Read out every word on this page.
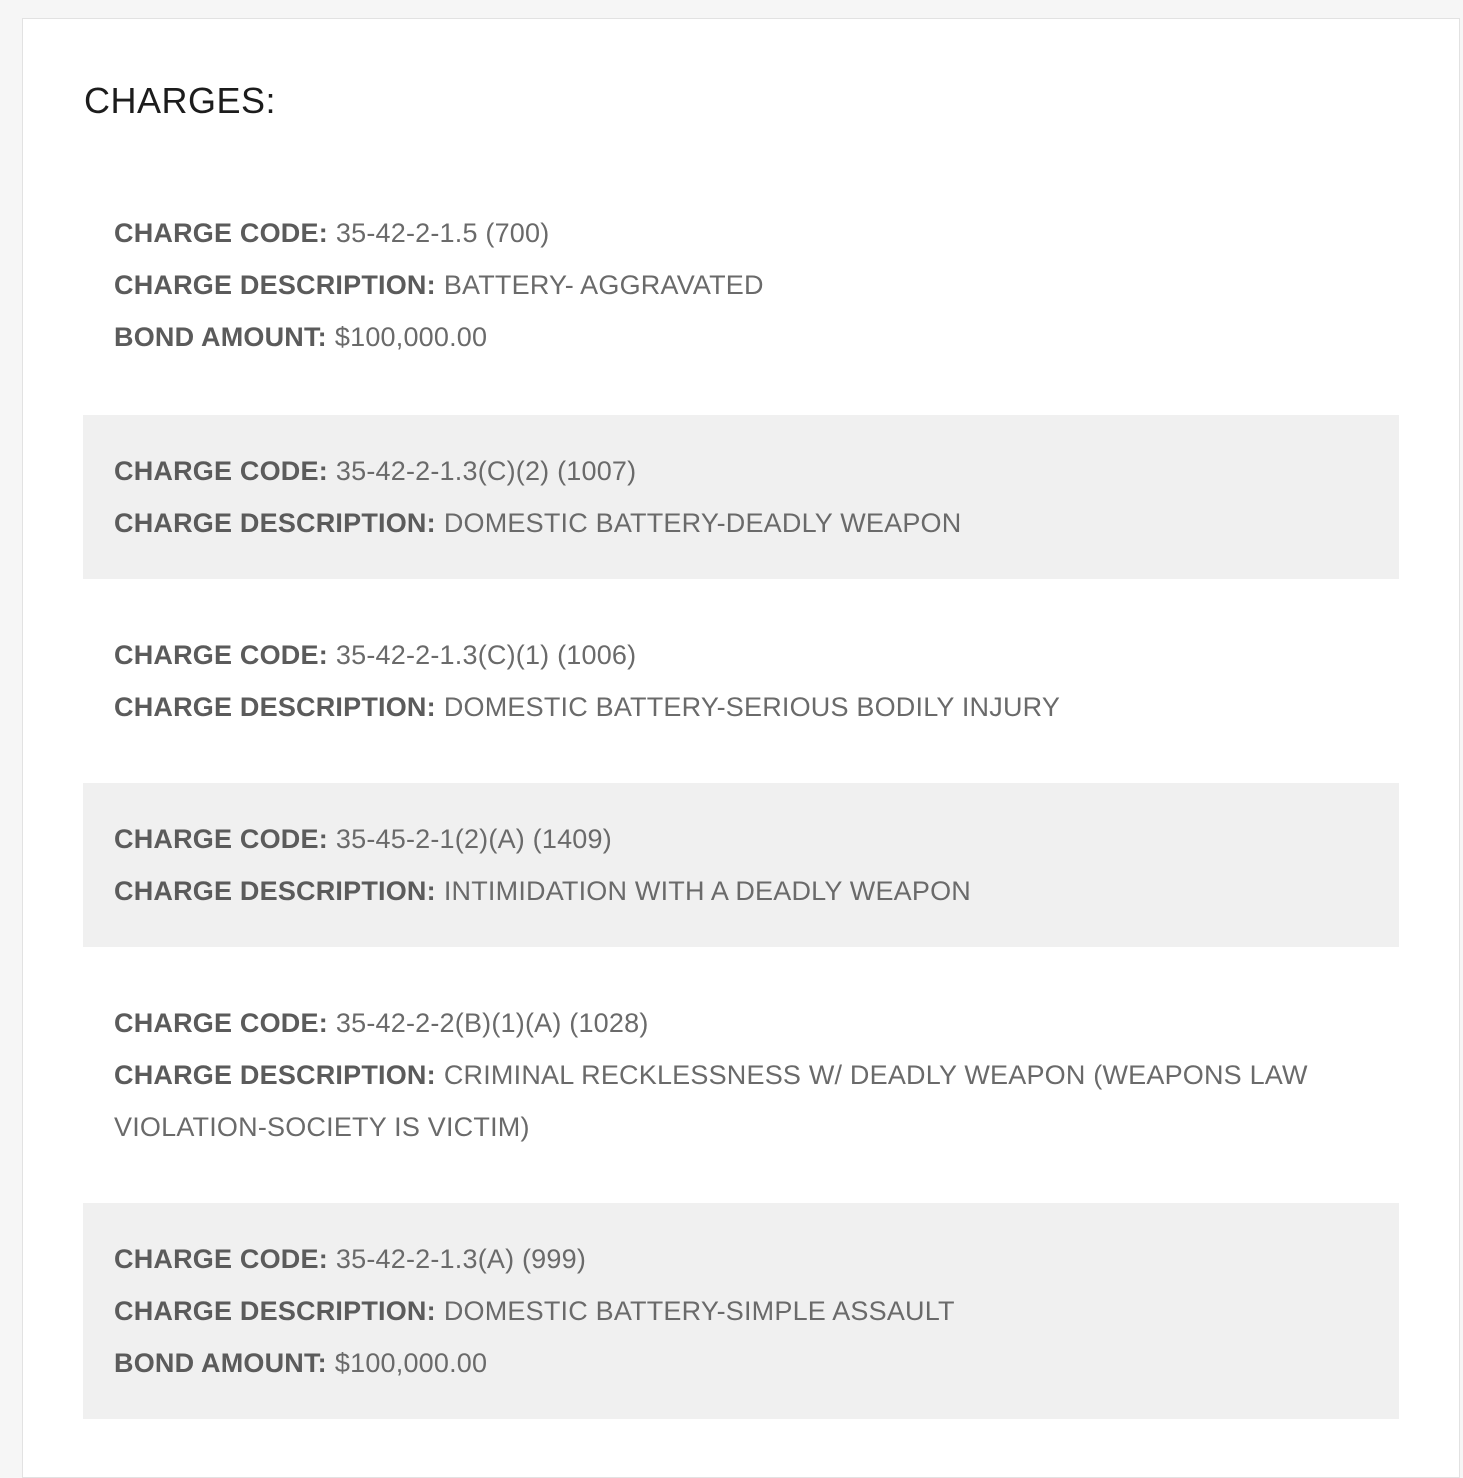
CHARGES:
CHARGE CODE: 35-42-2-1.5 (700)
CHARGE DESCRIPTION: BATTERY- AGGRAVATED
BOND AMOUNT: $100,000.00
CHARGE CODE: 35-42-2-1.3(C)(2) (1007)
CHARGE DESCRIPTION: DOMESTIC BATTERY-DEADLY WEAPON
CHARGE CODE: 35-42-2-1.3(C)(1) (1006)
CHARGE DESCRIPTION: DOMESTIC BATTERY-SERIOUS BODILY INJURY
CHARGE CODE: 35-45-2-1(2)(A) (1409)
CHARGE DESCRIPTION: INTIMIDATION WITH A DEADLY WEAPON
CHARGE CODE: 35-42-2-2(B)(1)(A) (1028)
CHARGE DESCRIPTION: CRIMINAL RECKLESSNESS W/ DEADLY WEAPON (WEAPONS LAW VIOLATION-SOCIETY IS VICTIM)
CHARGE CODE: 35-42-2-1.3(A) (999)
CHARGE DESCRIPTION: DOMESTIC BATTERY-SIMPLE ASSAULT
BOND AMOUNT: $100,000.00
